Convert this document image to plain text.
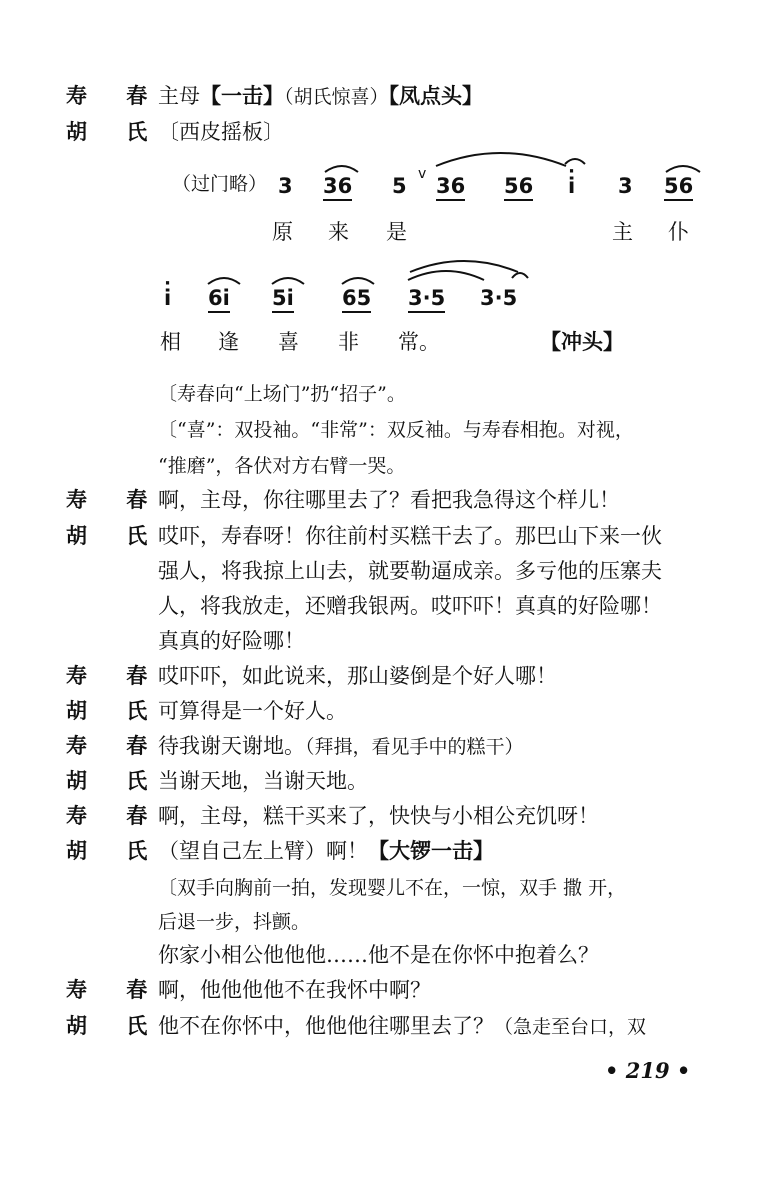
寿 春
主母【一击】（胡氏惊喜）【凤点头】
胡 氏
〔西皮摇板〕
（过门略） 3 36 5 v 36 56
· i 3 56
原 来 是	主 仆
· i 6i 5i 65 3·5 3·5
相 逢 喜 非 常。	【冲头】
〔寿春向“上场门”扔“招子”。
〔“喜”：双投袖。“非常”：双反袖。与寿春相抱。对视，
“推磨”，各伏对方右臂一哭。
寿 春
啊，主母，你往哪里去了？看把我急得这个样儿！
胡 氏
哎吓，寿春呀！你往前村买糕干去了。那巴山下来一伙
强人，将我掠上山去，就要勒逼成亲。多亏他的压寨夫
人，将我放走，还赠我银两。哎吓吓！真真的好险哪！
真真的好险哪！
寿 春
哎吓吓，如此说来，那山婆倒是个好人哪！
胡 氏
可算得是一个好人。
寿 春
待我谢天谢地。（拜揖，看见手中的糕干）
胡 氏
当谢天地，当谢天地。
寿 春
啊，主母，糕干买来了，快快与小相公充饥呀！
胡 氏
（望自己左上臂）啊！【大锣一击】
〔双手向胸前一拍，发现婴儿不在，一惊，双手 撒 开，
后退一步，抖颤。
你家小相公他他他……他不是在你怀中抱着么？
寿 春
啊，他他他他不在我怀中啊？
胡 氏
他不在你怀中，他他他往哪里去了？（急走至台口，双
• 219 •
